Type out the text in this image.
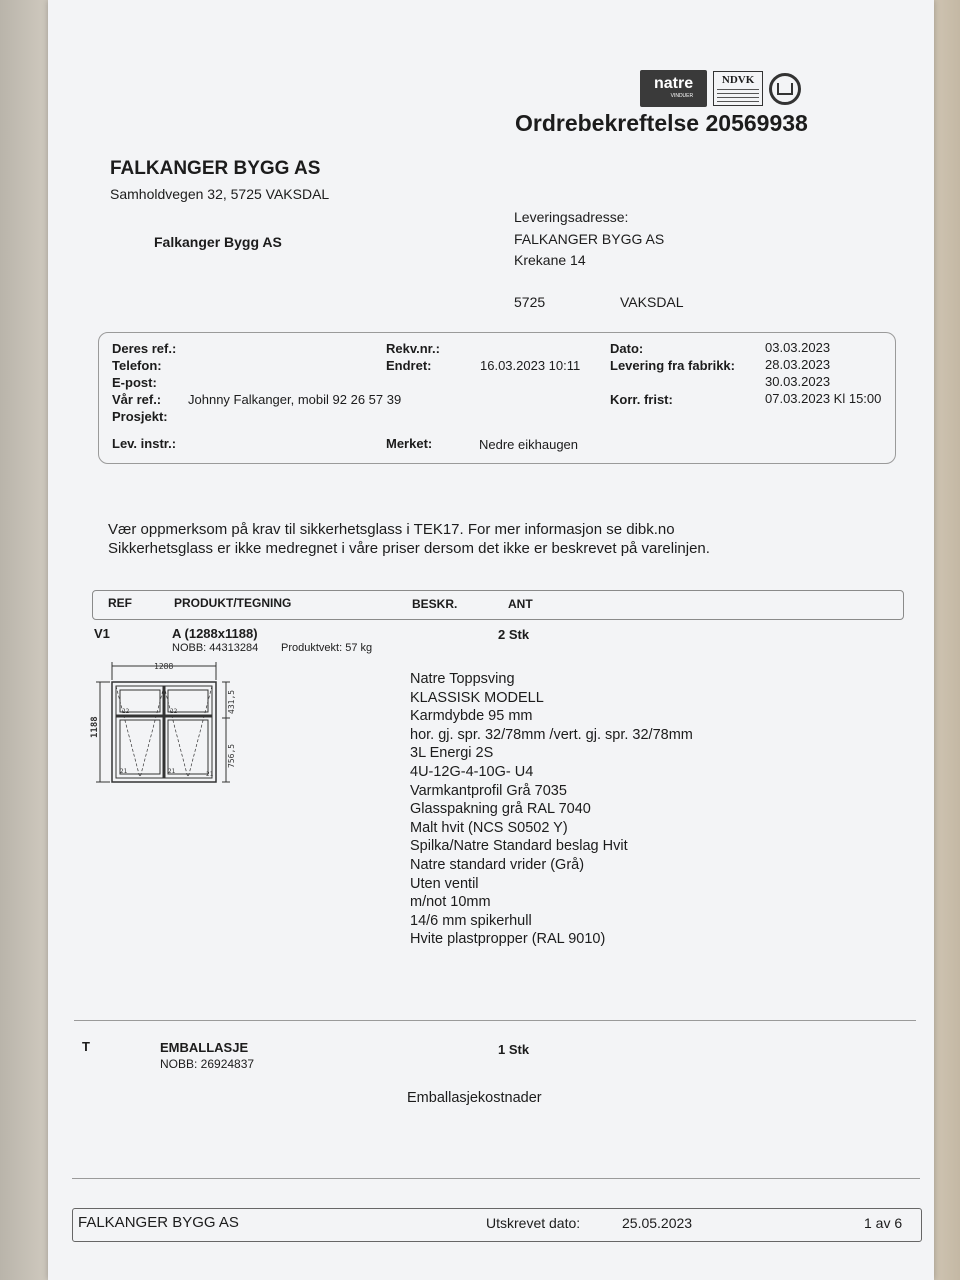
natre
VINDUER
NDVK
Ordrebekreftelse 20569938
FALKANGER BYGG AS
Samholdvegen 32, 5725 VAKSDAL
Falkanger Bygg AS
Leveringsadresse:
FALKANGER BYGG AS
Krekane 14
5725	VAKSDAL
Deres ref.:
Telefon:
E-post:
Vår ref.: Johnny Falkanger, mobil 92 26 57 39
Prosjekt:
Lev. instr.:
Rekv.nr.:
Endret:	16.03.2023 10:11
Merket:	Nedre eikhaugen
Dato:	03.03.2023
Levering fra fabrikk: 28.03.2023
30.03.2023
Korr. frist:	07.03.2023 Kl 15:00
Vær oppmerksom på krav til sikkerhetsglass i TEK17. For mer informasjon se dibk.no
Sikkerhetsglass er ikke medregnet i våre priser dersom det ikke er beskrevet på varelinjen.
REF	PRODUKT/TEGNING	BESKR.	ANT
V1	A (1288x1188)
NOBB: 44313284 Produktvekt: 57 kg
2 Stk
1288
1188
431,5
756,5
22	22
21	21	21
Natre Toppsving
KLASSISK MODELL
Karmdybde 95 mm
hor. gj. spr. 32/78mm /vert. gj. spr. 32/78mm
3L Energi 2S
4U-12G-4-10G- U4
Varmkantprofil Grå 7035
Glasspakning grå RAL 7040
Malt hvit (NCS S0502 Y)
Spilka/Natre Standard beslag Hvit
Natre standard vrider (Grå)
Uten ventil
m/not 10mm
14/6 mm spikerhull
Hvite plastpropper (RAL 9010)
T	EMBALLASJE
NOBB: 26924837
1 Stk
Emballasjekostnader
FALKANGER BYGG AS	Utskrevet dato:	25.05.2023	1 av 6
